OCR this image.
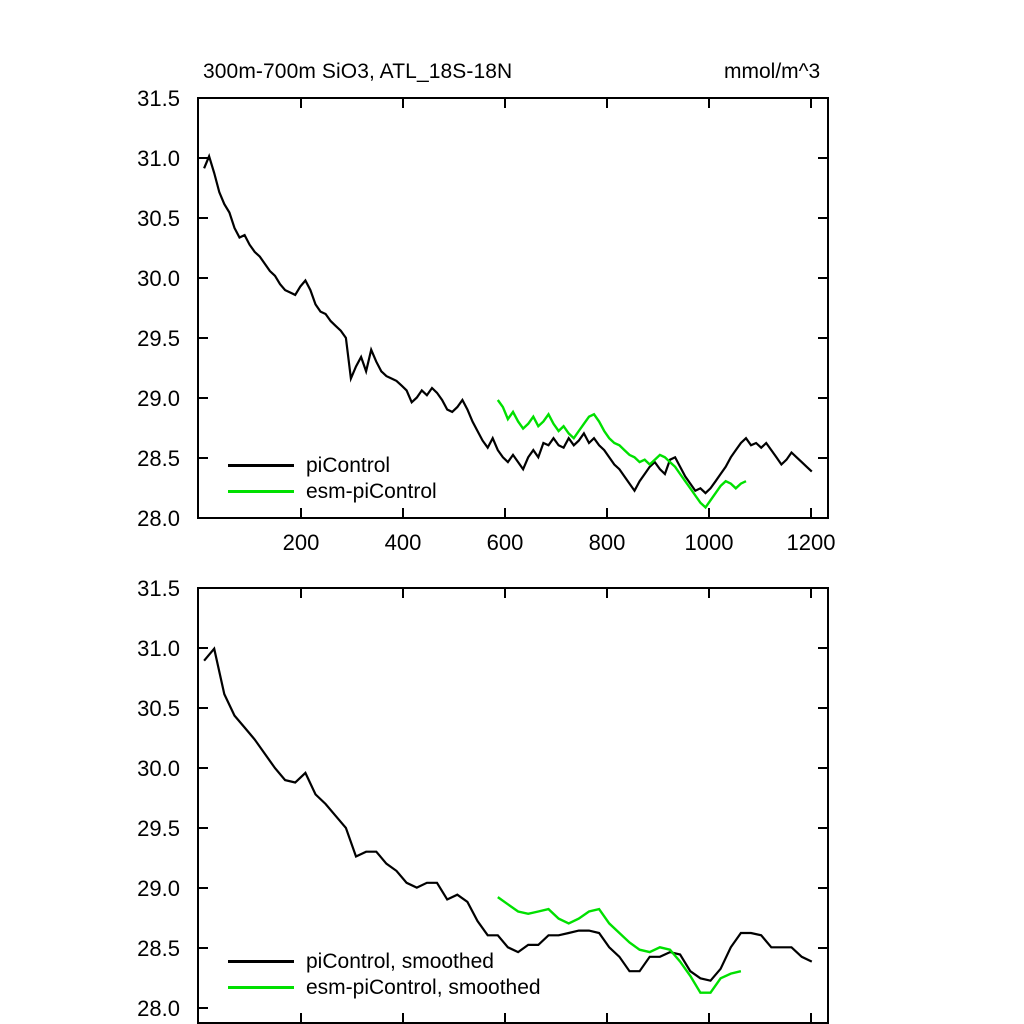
300m-700m SiO3, ATL_18S-18N	mmol/m^3
31.5
31.0
30.5
30.0
29.5
29.0
28.5
28.0
200	400	600	800	1000	1200
piControl
esm-piControl
31.5
31.0
30.5
30.0
29.5
29.0
28.5
28.0
piControl, smoothed
esm-piControl, smoothed
